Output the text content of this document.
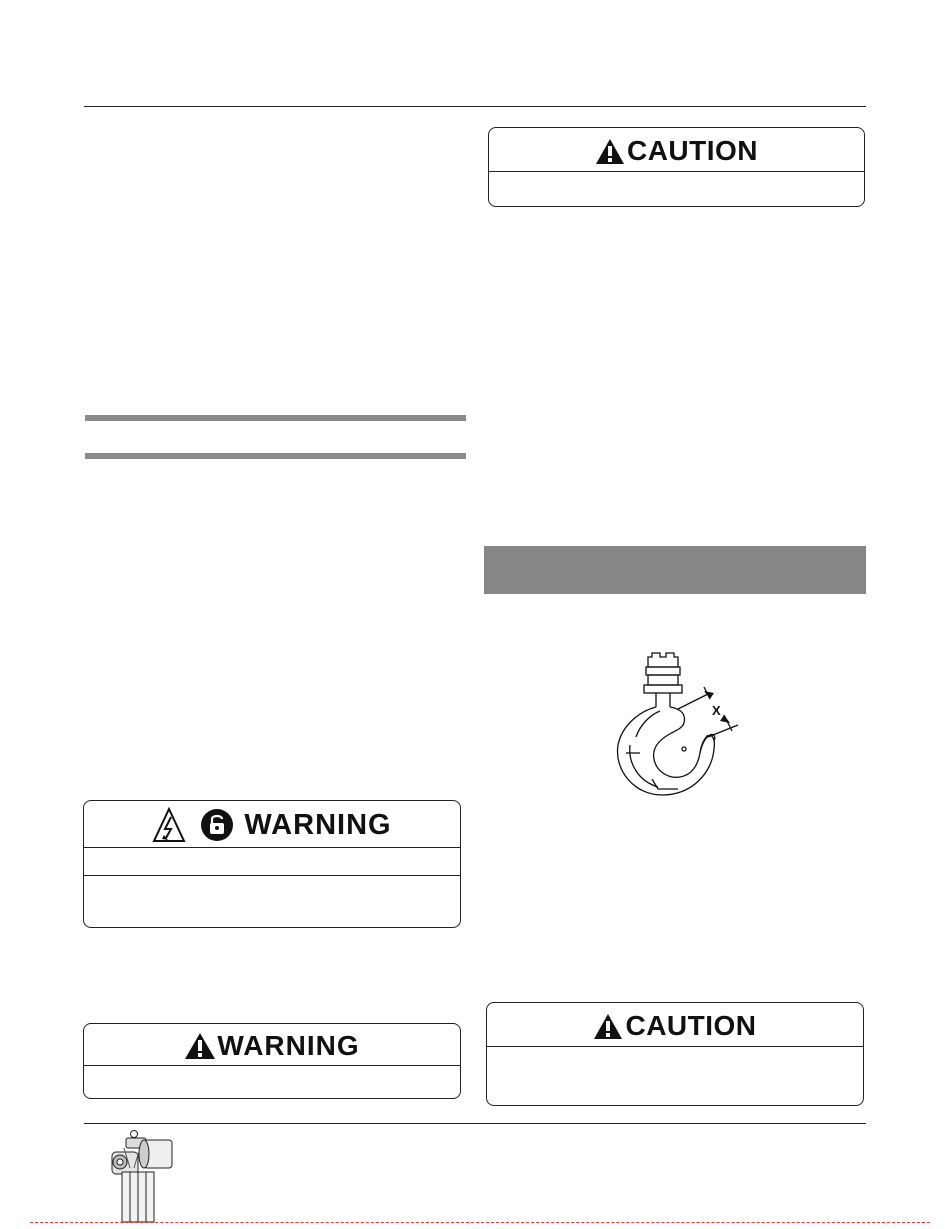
CAUTION
X
WARNING
WARNING
CAUTION
